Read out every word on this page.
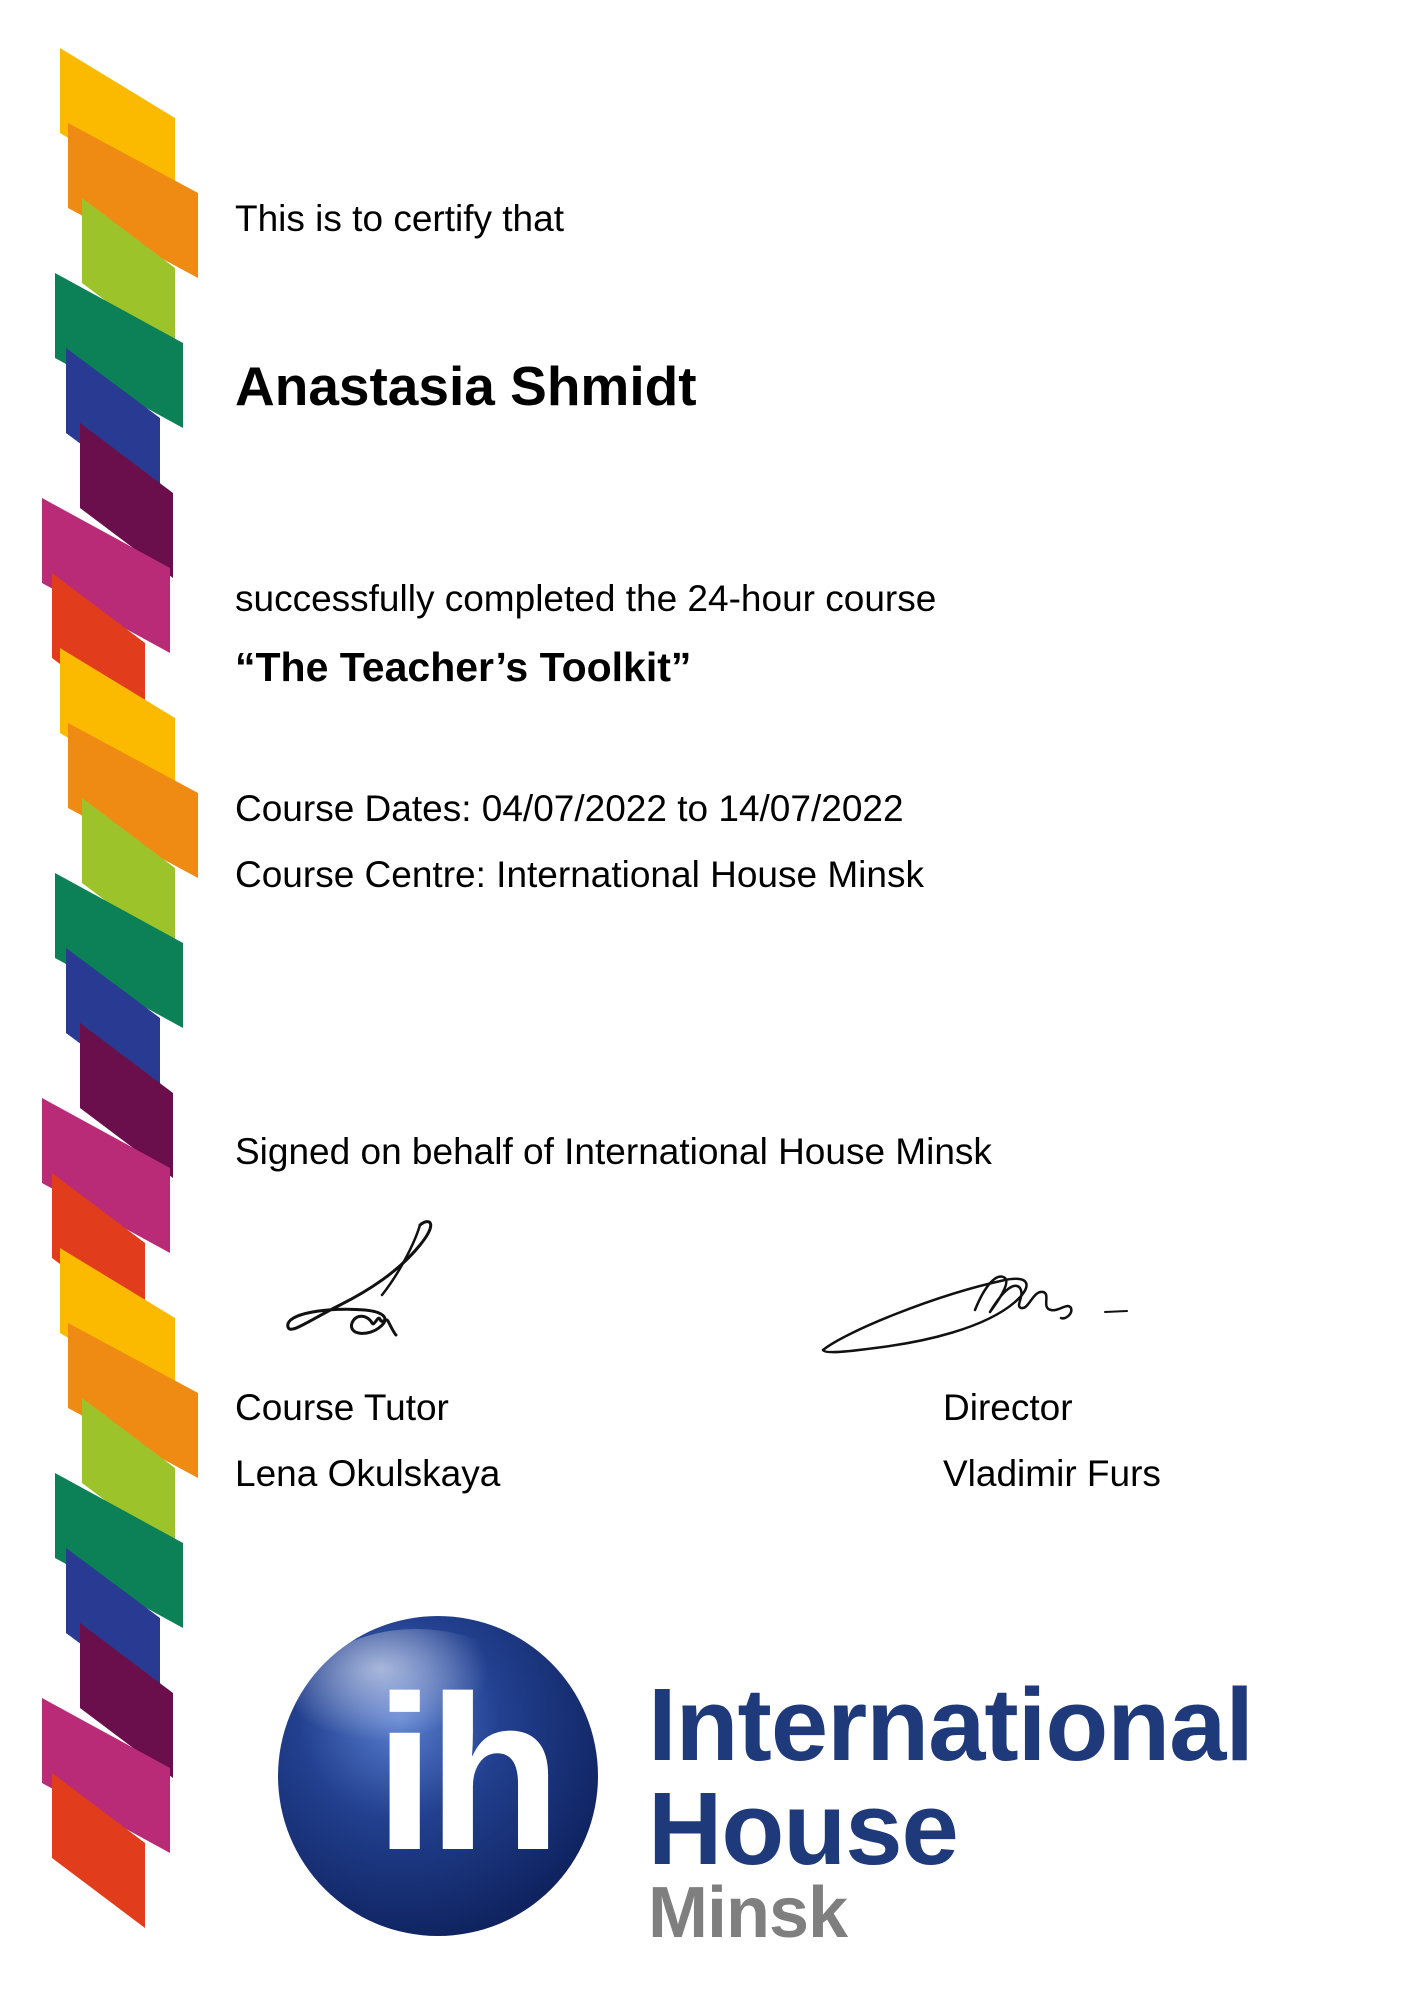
This is to certify that

Anastasia Shmidt

successfully completed the 24-hour course

“The Teacher’s Toolkit”

Course Dates: 04/07/2022 to 14/07/2022

Course Centre: International House Minsk

Signed on behalf of International House Minsk

Course Tutor

Lena Okulskaya

Director

Vladimir Furs

ih International

House

Minsk
